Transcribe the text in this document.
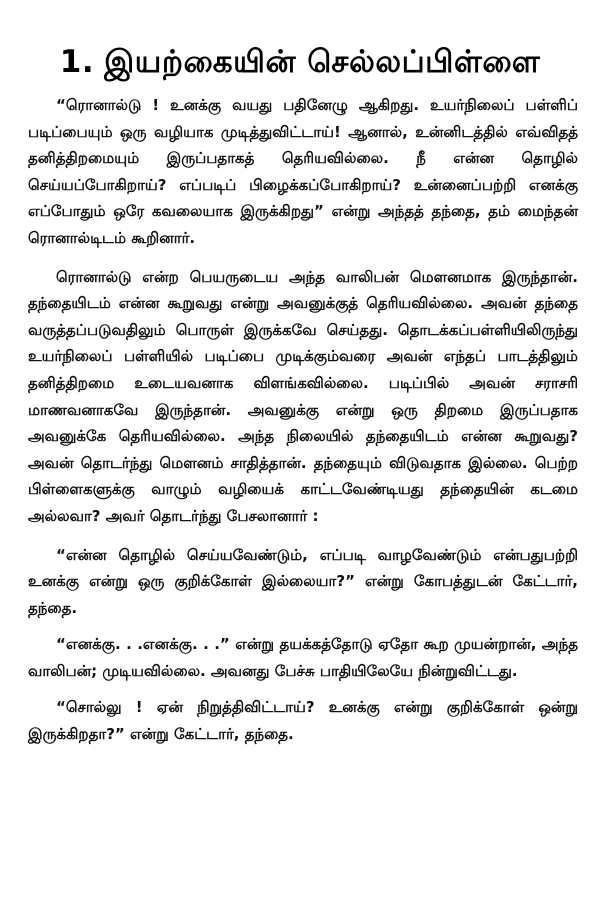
1. இயற்கையின் செல்லப்பிள்ளை

“ரொனால்டு ! உனக்கு வயது பதினேழு ஆகிறது. உயர்நிலைப் பள்ளிப் படிப்பையும் ஒரு வழியாக முடித்துவிட்டாய்! ஆனால், உன்னிடத்தில் எவ்விதத் தனித்திறமையும் இருப்பதாகத் தெரியவில்லை. நீ என்ன தொழில் செய்யப்போகிறாய்? எப்படிப் பிழைக்கப்போகிறாய்? உன்னைப்பற்றி எனக்கு எப்போதும் ஒரே கவலையாக இருக்கிறது” என்று அந்தத் தந்தை, தம் மைந்தன் ரொனால்டிடம் கூறினார்.

ரொனால்டு என்ற பெயருடைய அந்த வாலிபன் மௌனமாக இருந்தான். தந்தையிடம் என்ன கூறுவது என்று அவனுக்குத் தெரியவில்லை. அவன் தந்தை வருத்தப்படுவதிலும் பொருள் இருக்கவே செய்தது. தொடக்கப்பள்ளியிலிருந்து உயர்நிலைப் பள்ளியில் படிப்பை முடிக்கும்வரை அவன் எந்தப் பாடத்திலும் தனித்திறமை உடையவனாக விளங்கவில்லை. படிப்பில் அவன் சராசரி மாணவனாகவே இருந்தான். அவனுக்கு என்று ஒரு திறமை இருப்பதாக அவனுக்கே தெரியவில்லை. அந்த நிலையில் தந்தையிடம் என்ன கூறுவது? அவன் தொடர்ந்து மௌனம் சாதித்தான். தந்தையும் விடுவதாக இல்லை. பெற்ற பிள்ளைகளுக்கு வாழும் வழியைக் காட்டவேண்டியது தந்தையின் கடமை அல்லவா? அவர் தொடர்ந்து பேசலானார் :

“என்ன தொழில் செய்யவேண்டும், எப்படி வாழவேண்டும் என்பதுபற்றி உனக்கு என்று ஒரு குறிக்கோள் இல்லையா?” என்று கோபத்துடன் கேட்டார், தந்தை.

“எனக்கு. . .எனக்கு. . .” என்று தயக்கத்தோடு ஏதோ கூற முயன்றான், அந்த வாலிபன்; முடியவில்லை. அவனது பேச்சு பாதியிலேயே நின்றுவிட்டது.

“சொல்லு ! ஏன் நிறுத்திவிட்டாய்? உனக்கு என்று குறிக்கோள் ஒன்று இருக்கிறதா?” என்று கேட்டார், தந்தை.
